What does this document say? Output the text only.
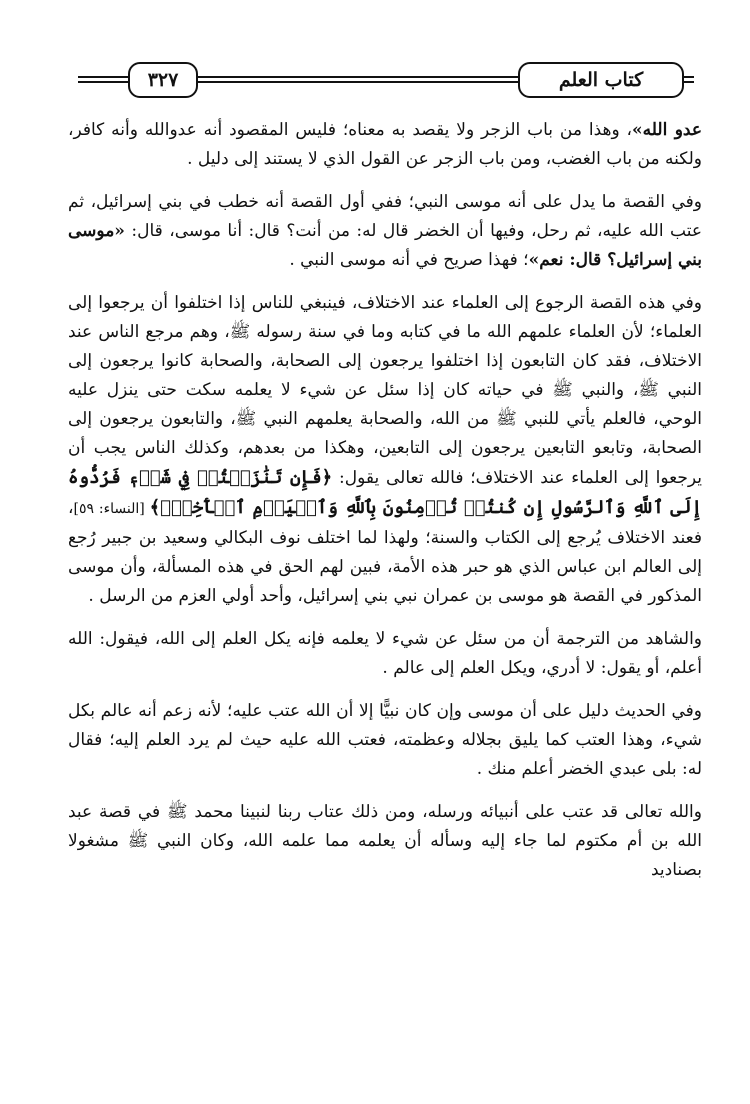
كتاب العلم
٣٢٧

عدو الله»، وهذا من باب الزجر ولا يقصد به معناه؛ فليس المقصود أنه عدوالله وأنه كافر، ولكنه من باب الغضب، ومن باب الزجر عن القول الذي لا يستند إلى دليل .

وفي القصة ما يدل على أنه موسى النبي؛ ففي أول القصة أنه خطب في بني إسرائيل، ثم عتب الله عليه، ثم رحل، وفيها أن الخضر قال له: من أنت؟ قال: أنا موسى، قال: «موسى بني إسرائيل؟ قال: نعم»؛ فهذا صريح في أنه موسى النبي .

وفي هذه القصة الرجوع إلى العلماء عند الاختلاف، فينبغي للناس إذا اختلفوا أن يرجعوا إلى العلماء؛ لأن العلماء علمهم الله ما في كتابه وما في سنة رسوله ﷺ، وهم مرجع الناس عند الاختلاف، فقد كان التابعون إذا اختلفوا يرجعون إلى الصحابة، والصحابة كانوا يرجعون إلى النبي ﷺ، والنبي ﷺ في حياته كان إذا سئل عن شيء لا يعلمه سكت حتى ينزل عليه الوحي، فالعلم يأتي للنبي ﷺ من الله، والصحابة يعلمهم النبي ﷺ، والتابعون يرجعون إلى الصحابة، وتابعو التابعين يرجعون إلى التابعين، وهكذا من بعدهم، وكذلك الناس يجب أن يرجعوا إلى العلماء عند الاختلاف؛ فالله تعالى يقول: ﴿فَإِن تَنَٰزَعۡتُمۡ فِي شَيۡءٖ فَرُدُّوهُ إِلَى ٱللَّهِ وَٱلرَّسُولِ إِن كُنتُمۡ تُؤۡمِنُونَ بِٱللَّهِ وَٱلۡيَوۡمِ ٱلۡأٓخِرِۚ﴾ [النساء: ٥٩]، فعند الاختلاف يُرجع إلى الكتاب والسنة؛ ولهذا لما اختلف نوف البكالي وسعيد بن جبير رُجع إلى العالم ابن عباس الذي هو حبر هذه الأمة، فبين لهم الحق في هذه المسألة، وأن موسى المذكور في القصة هو موسى بن عمران نبي بني إسرائيل، وأحد أولي العزم من الرسل .

والشاهد من الترجمة أن من سئل عن شيء لا يعلمه فإنه يكل العلم إلى الله، فيقول: الله أعلم، أو يقول: لا أدري، ويكل العلم إلى عالم .

وفي الحديث دليل على أن موسى وإن كان نبيًّا إلا أن الله عتب عليه؛ لأنه زعم أنه عالم بكل شيء، وهذا العتب كما يليق بجلاله وعظمته، فعتب الله عليه حيث لم يرد العلم إليه؛ فقال له: بلى عبدي الخضر أعلم منك .

والله تعالى قد عتب على أنبيائه ورسله، ومن ذلك عتاب ربنا لنبينا محمد ﷺ في قصة عبد الله بن أم مكتوم لما جاء إليه وسأله أن يعلمه مما علمه الله، وكان النبي ﷺ مشغولا بصناديد
